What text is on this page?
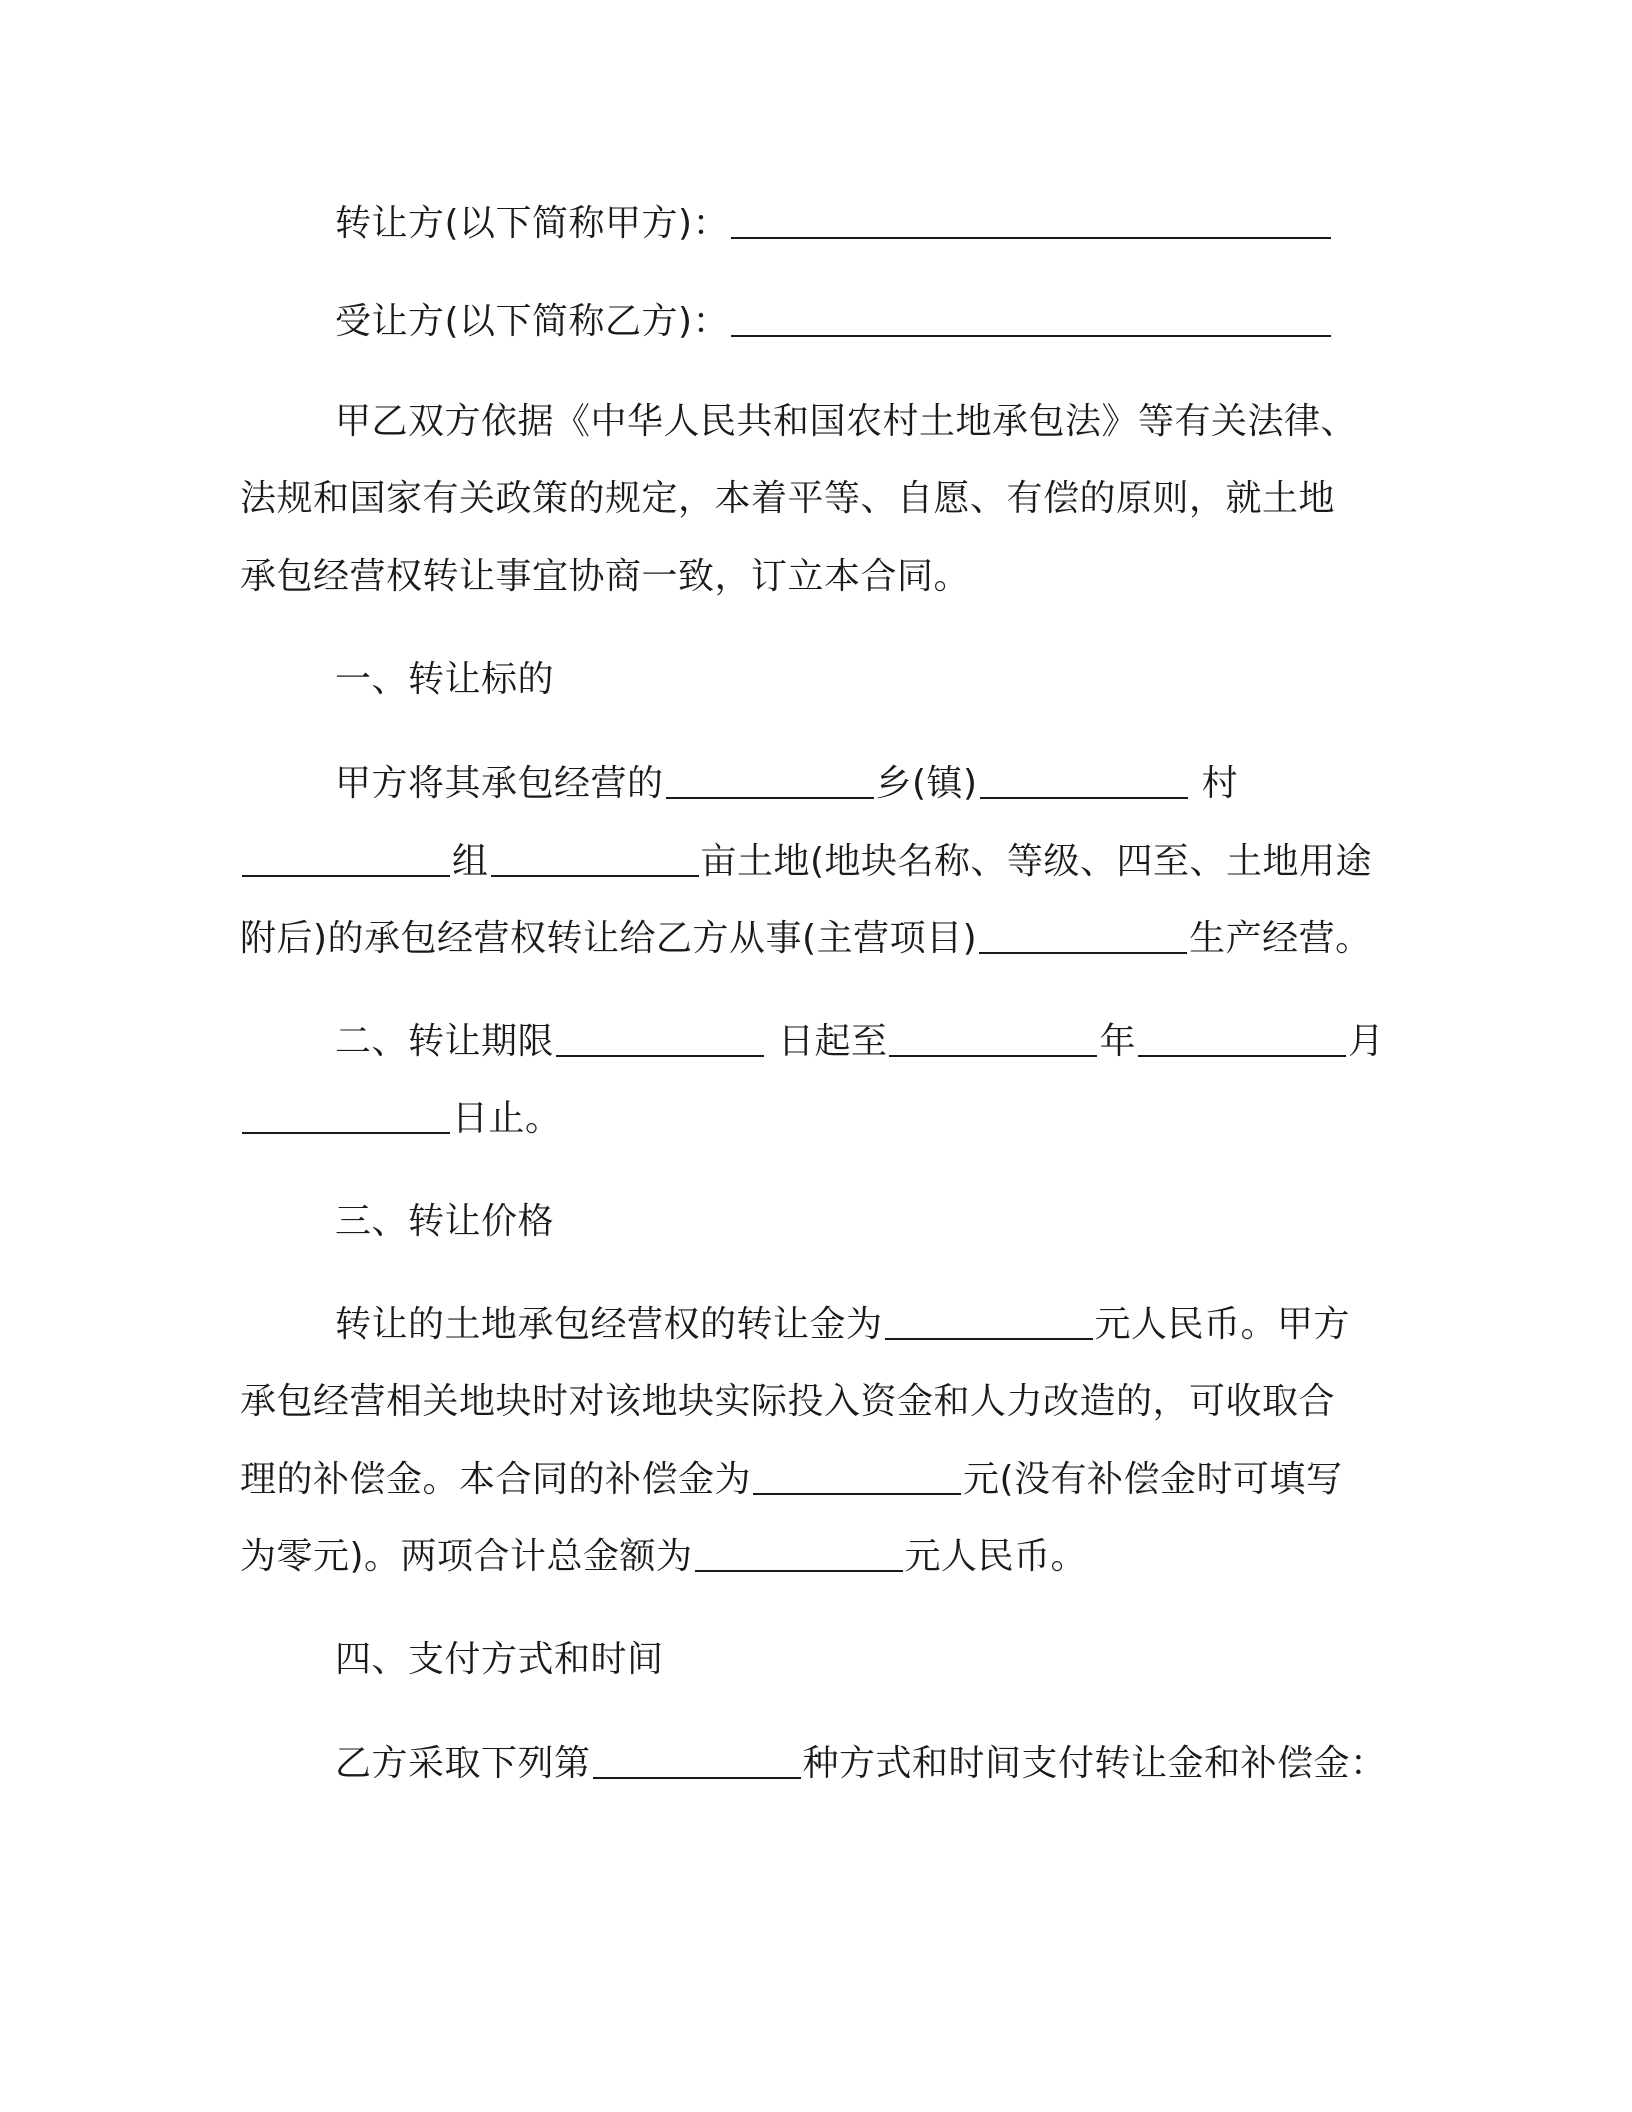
转让方(以下简称甲方)：
受让方(以下简称乙方)：
甲乙双方依据《中华人民共和国农村土地承包法》等有关法律、
法规和国家有关政策的规定，本着平等、自愿、有偿的原则，就土地
承包经营权转让事宜协商一致，订立本合同。
一、转让标的
甲方将其承包经营的	乡(镇)	村
组	亩土地(地块名称、等级、四至、土地用途
附后)的承包经营权转让给乙方从事(主营项目)	生产经营。
二、转让期限	日起至	年	月
日止。
三、转让价格
转让的土地承包经营权的转让金为	元人民币。甲方
承包经营相关地块时对该地块实际投入资金和人力改造的，可收取合
理的补偿金。本合同的补偿金为	元(没有补偿金时可填写
为零元)。两项合计总金额为	元人民币。
四、支付方式和时间
乙方采取下列第	种方式和时间支付转让金和补偿金：
